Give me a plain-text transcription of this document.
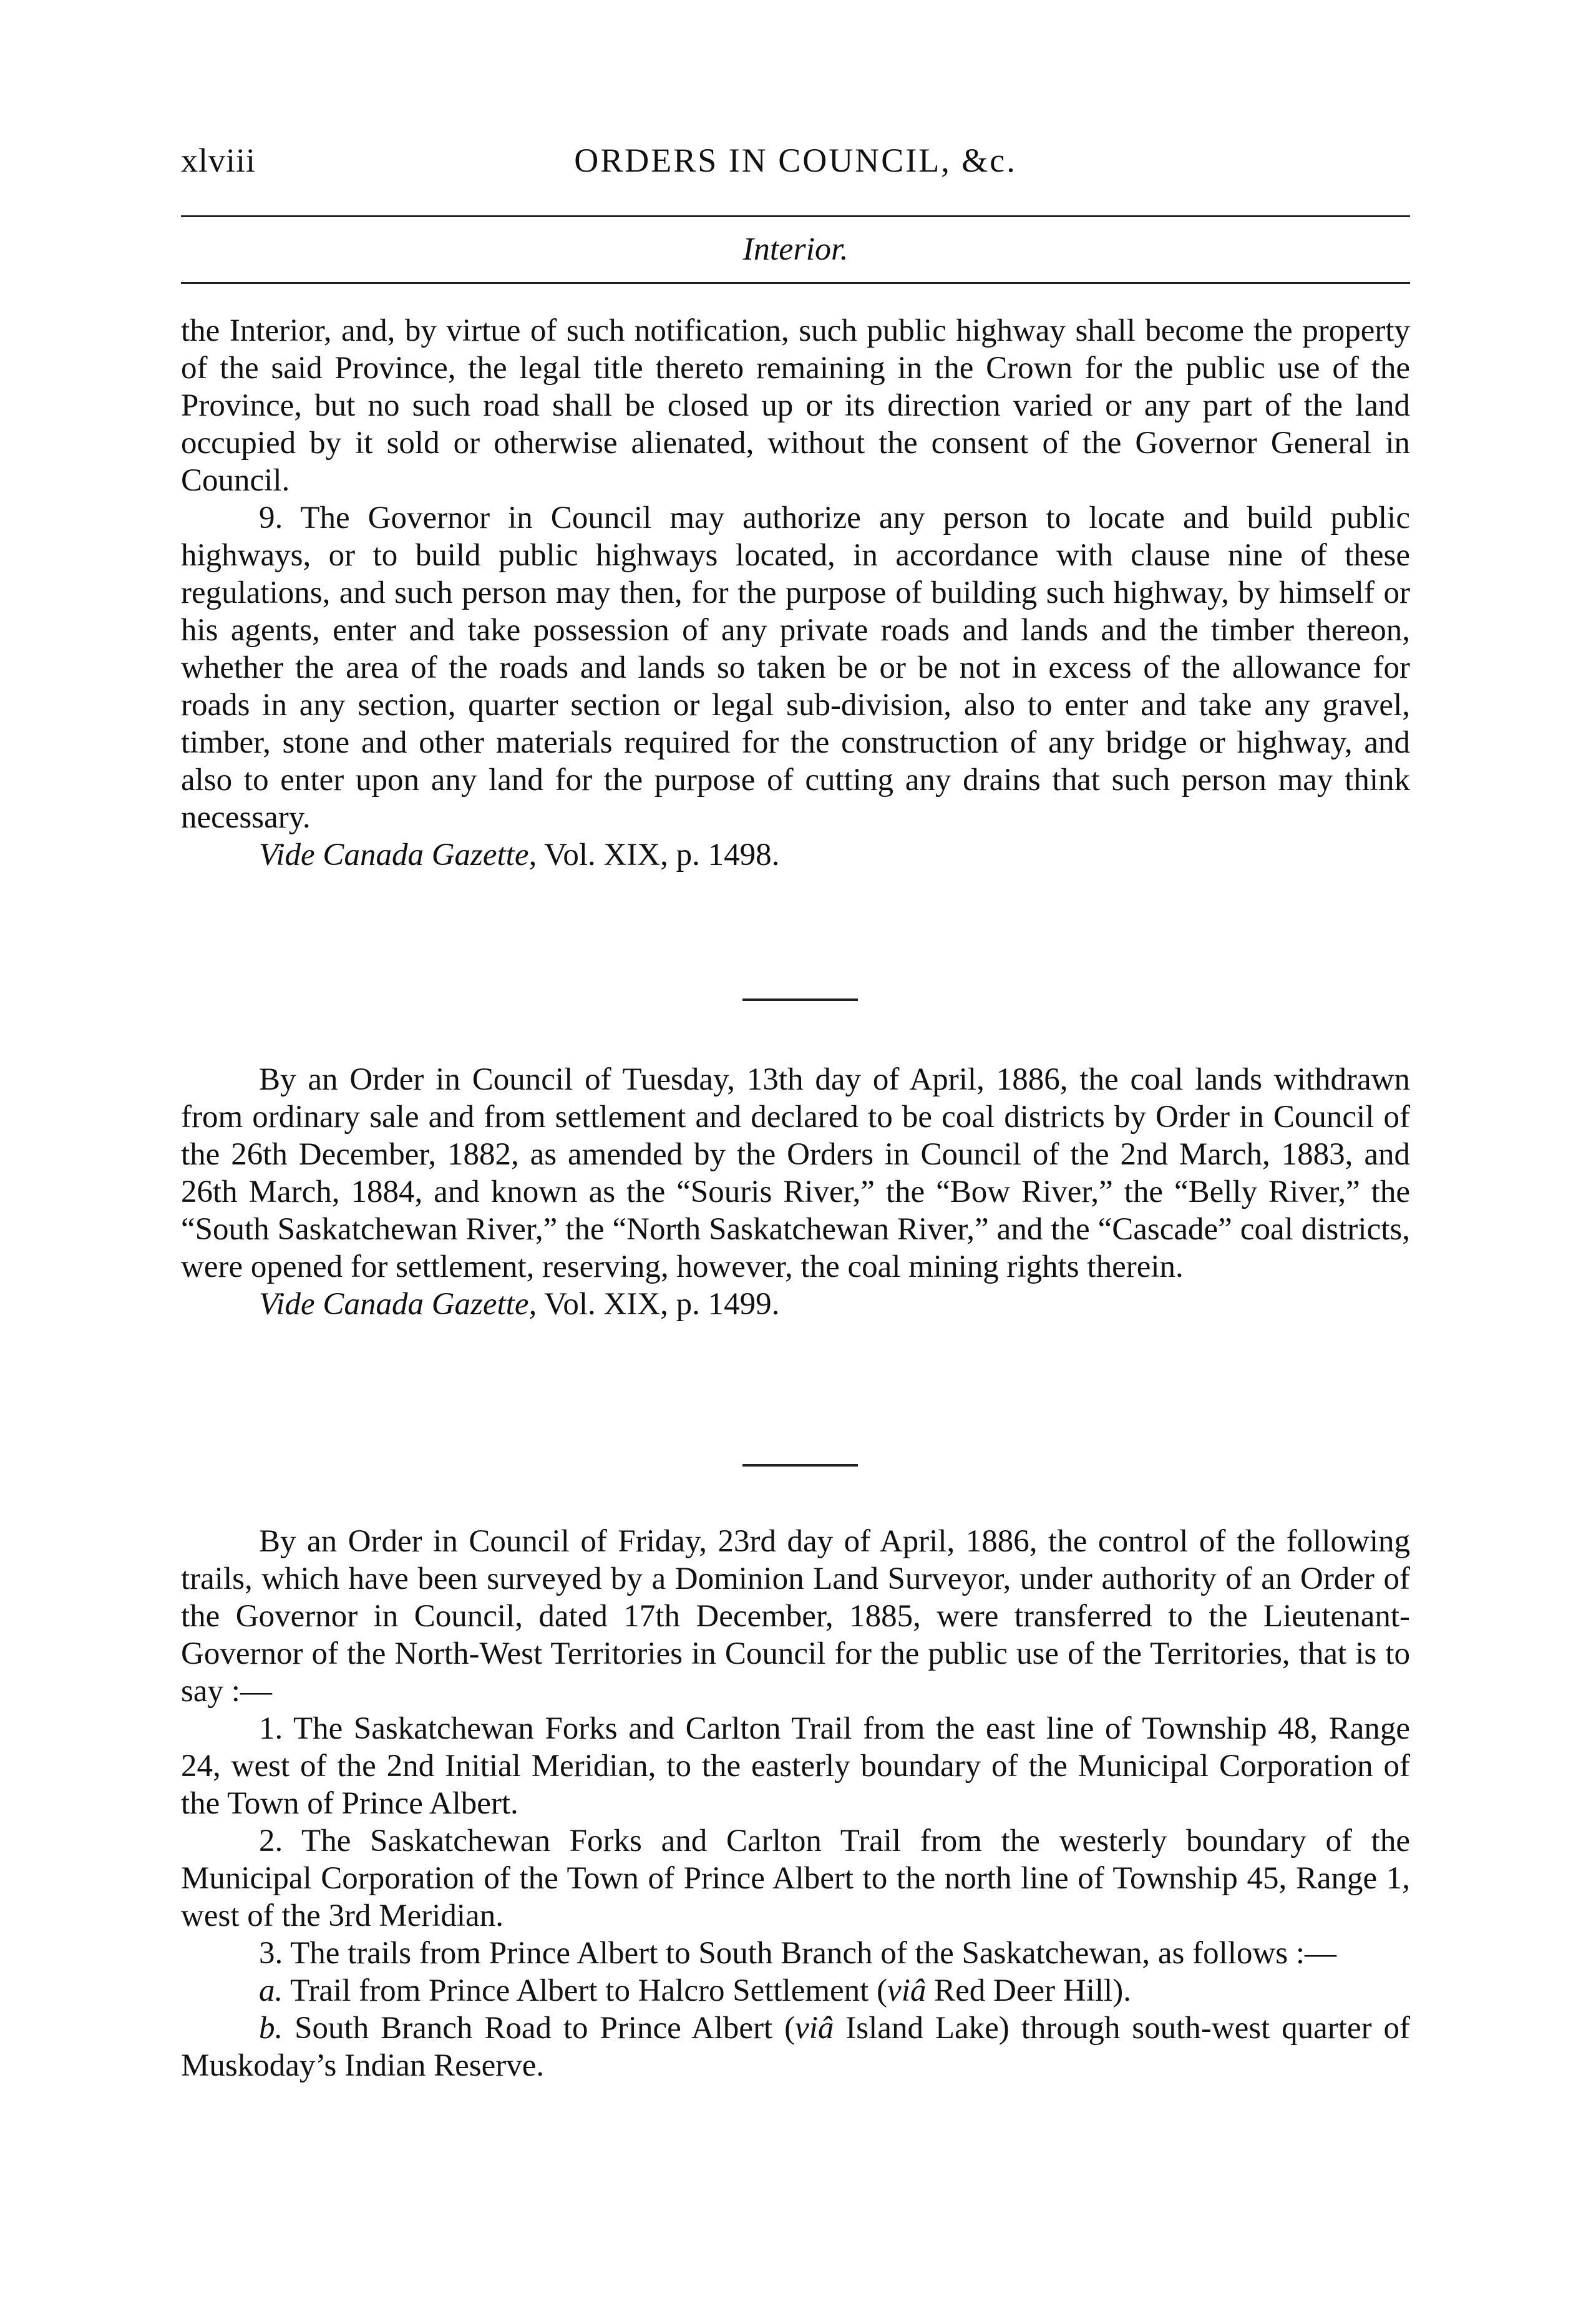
xlviii	ORDERS IN COUNCIL, &c.
Interior.

the Interior, and, by virtue of such notification, such public highway shall become the property of the said Province, the legal title thereto remaining in the Crown for the public use of the Province, but no such road shall be closed up or its direction varied or any part of the land occupied by it sold or otherwise alienated, without the consent of the Governor General in Council.

9. The Governor in Council may authorize any person to locate and build public highways, or to build public highways located, in accordance with clause nine of these regulations, and such person may then, for the purpose of building such highway, by himself or his agents, enter and take possession of any private roads and lands and the timber thereon, whether the area of the roads and lands so taken be or be not in excess of the allowance for roads in any section, quarter section or legal sub-division, also to enter and take any gravel, timber, stone and other materials required for the construction of any bridge or highway, and also to enter upon any land for the purpose of cutting any drains that such person may think necessary.

Vide Canada Gazette, Vol. XIX, p. 1498.

By an Order in Council of Tuesday, 13th day of April, 1886, the coal lands withdrawn from ordinary sale and from settlement and declared to be coal districts by Order in Council of the 26th December, 1882, as amended by the Orders in Council of the 2nd March, 1883, and 26th March, 1884, and known as the “Souris River,” the “Bow River,” the “Belly River,” the “South Saskatchewan River,” the “North Saskatchewan River,” and the “Cascade” coal districts, were opened for settlement, reserving, however, the coal mining rights therein.

Vide Canada Gazette, Vol. XIX, p. 1499.

By an Order in Council of Friday, 23rd day of April, 1886, the control of the following trails, which have been surveyed by a Dominion Land Surveyor, under authority of an Order of the Governor in Council, dated 17th December, 1885, were transferred to the Lieutenant-Governor of the North-West Territories in Council for the public use of the Territories, that is to say :—

1. The Saskatchewan Forks and Carlton Trail from the east line of Township 48, Range 24, west of the 2nd Initial Meridian, to the easterly boundary of the Municipal Corporation of the Town of Prince Albert.

2. The Saskatchewan Forks and Carlton Trail from the westerly boundary of the Municipal Corporation of the Town of Prince Albert to the north line of Township 45, Range 1, west of the 3rd Meridian.

3. The trails from Prince Albert to South Branch of the Saskatchewan, as follows :—

a. Trail from Prince Albert to Halcro Settlement (viâ Red Deer Hill).

b. South Branch Road to Prince Albert (viâ Island Lake) through south-west quarter of Muskoday’s Indian Reserve.
